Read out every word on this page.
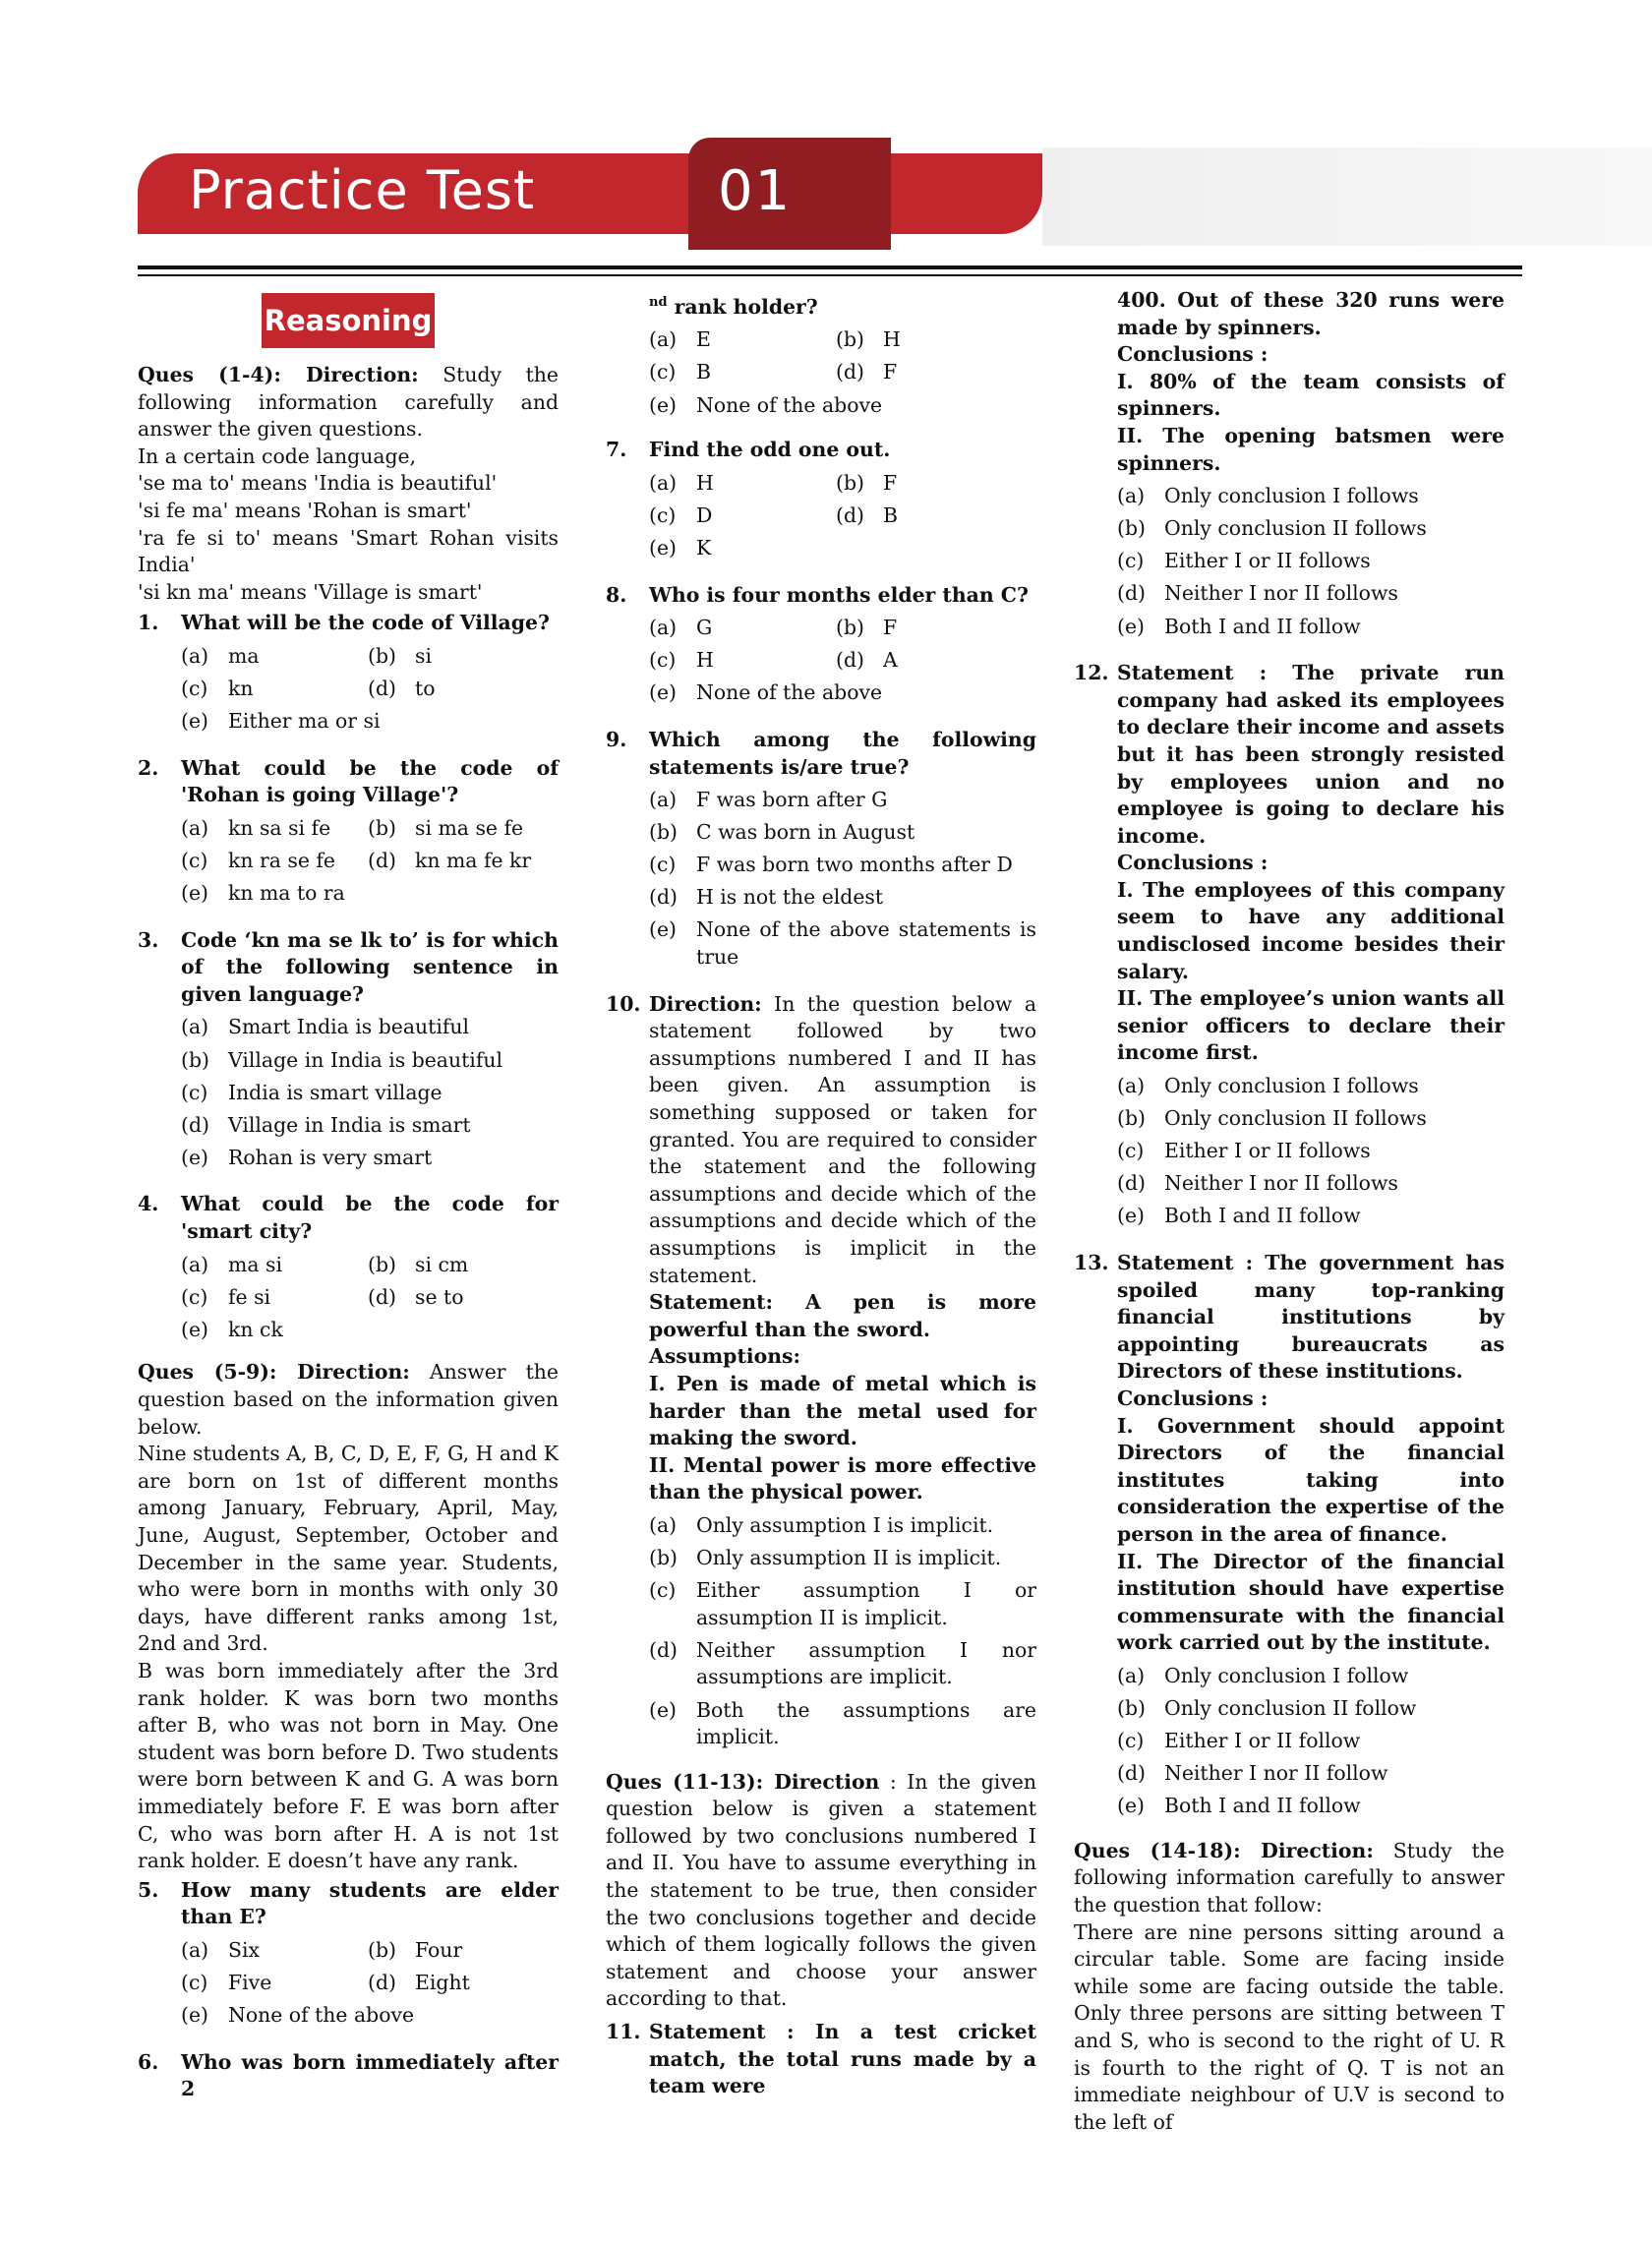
Practice Test	01
Reasoning
Ques (1-4): Direction: Study the following information carefully and answer the given questions.
In a certain code language,
'se ma to' means 'India is beautiful'
'si fe ma' means 'Rohan is smart'
'ra fe si to' means 'Smart Rohan visits India'
'si kn ma' means 'Village is smart'
1.	What will be the code of Village?
(a) ma	(b) si
(c)	kn	(d) to
(e) Either ma or si
2.	What could be the code of 'Rohan is going Village'?
(a) kn sa si fe	(b) si ma se fe
(c)	kn ra se fe	(d) kn ma fe kr
(e) kn ma to ra
3.	Code ‘kn ma se lk to’ is for which of the following sentence in given language?
(a) Smart India is beautiful
(b) Village in India is beautiful
(c)	India is smart village
(d) Village in India is smart
(e) Rohan is very smart
4.	What could be the code for 'smart city?
(a) ma si	(b) si cm
(c)	fe si	(d) se to
(e) kn ck
Ques (5-9): Direction: Answer the question based on the information given below.
Nine students A, B, C, D, E, F, G, H and K are born on 1st of different months among January, February, April, May, June, August, September, October and December in the same year. Students, who were born in months with only 30 days, have different ranks among 1st, 2nd and 3rd.
B was born immediately after the 3rd rank holder. K was born two months after B, who was not born in May. One student was born before D. Two students were born between K and G. A was born immediately before F. E was born after C, who was born after H. A is not 1st rank holder. E doesn’t have any rank.
5.	How many students are elder than E?
(a) Six	(b) Four
(c)	Five	(d) Eight
(e) None of the above
6.	Who was born immediately after 2
$^{nd}$ rank holder?
(a) E	(b) H
(c)	B	(d) F
(e) None of the above
7.	Find the odd one out.
(a) H	(b) F
(c)	D	(d) B
(e) K
8.	Who is four months elder than C?
(a) G	(b) F
(c)	H	(d) A
(e) None of the above
9.	Which among the following statements is/are true?
(a) F was born after G
(b) C was born in August
(c)	F was born two months after D
(d) H is not the eldest
(e) None of the above statements is true
10. Direction: In the question below a statement followed by two assumptions numbered I and II has been given. An assumption is something supposed or taken for granted. You are required to consider the statement and the following assumptions and decide which of the assumptions and decide which of the assumptions is implicit in the statement.
Statement: A pen is more powerful than the sword.
Assumptions:
I. Pen is made of metal which is harder than the metal used for making the sword.
II. Mental power is more effective than the physical power.
(a) Only assumption I is implicit.
(b) Only assumption II is implicit.
(c)	Either assumption I or assumption II is implicit.
(d) Neither assumption I nor assumptions are implicit.
(e) Both the assumptions are implicit.
Ques (11-13): Direction : In the given question below is given a statement followed by two conclusions numbered I and II. You have to assume everything in the statement to be true, then consider the two conclusions together and decide which of them logically follows the given statement and choose your answer according to that.
11. Statement : In a test cricket match, the total runs made by a team were
400. Out of these 320 runs were made by spinners.
Conclusions :
I. 80% of the team consists of spinners.
II. The opening batsmen were spinners.
(a) Only conclusion I follows
(b) Only conclusion II follows
(c)	Either I or II follows
(d) Neither I nor II follows
(e) Both I and II follow
12. Statement : The private run company had asked its employees to declare their income and assets but it has been strongly resisted by employees union and no employee is going to declare his income.
Conclusions :
I. The employees of this company seem to have any additional undisclosed income besides their salary.
II. The employee’s union wants all senior officers to declare their income first.
(a) Only conclusion I follows
(b) Only conclusion II follows
(c)	Either I or II follows
(d) Neither I nor II follows
(e) Both I and II follow
13. Statement : The government has spoiled many top-ranking financial institutions by appointing bureaucrats as Directors of these institutions.
Conclusions :
I. Government should appoint Directors of the financial institutes taking into consideration the expertise of the person in the area of finance.
II. The Director of the financial institution should have expertise commensurate with the financial work carried out by the institute.
(a) Only conclusion I follow
(b) Only conclusion II follow
(c)	Either I or II follow
(d) Neither I nor II follow
(e) Both I and II follow
Ques (14-18): Direction: Study the following information carefully to answer the question that follow:
There are nine persons sitting around a circular table. Some are facing inside while some are facing outside the table. Only three persons are sitting between T and S, who is second to the right of U. R is fourth to the right of Q. T is not an immediate neighbour of U.V is second to the left of
